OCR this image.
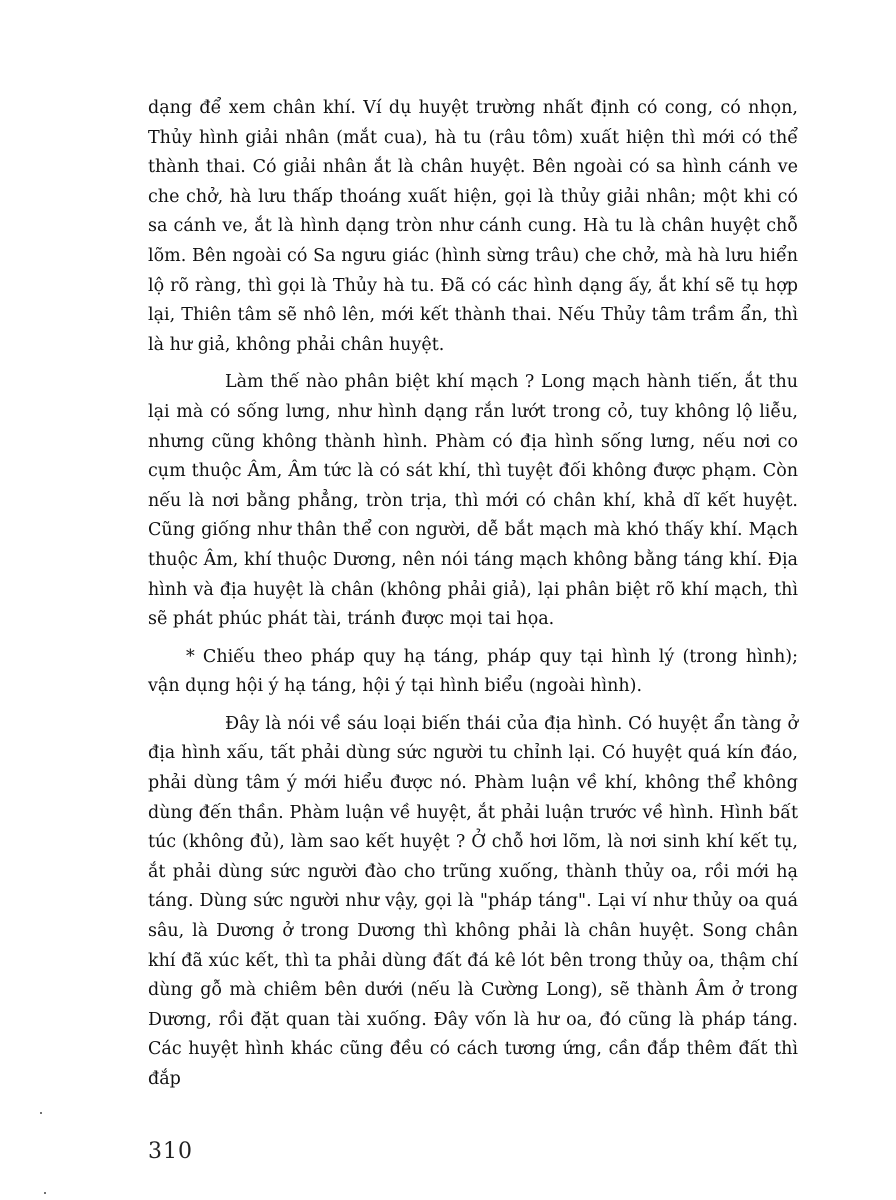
dạng để xem chân khí. Ví dụ huyệt trường nhất định có cong, có nhọn, Thủy hình giải nhân (mắt cua), hà tu (râu tôm) xuất hiện thì mới có thể thành thai. Có giải nhân ắt là chân huyệt. Bên ngoài có sa hình cánh ve che chở, hà lưu thấp thoáng xuất hiện, gọi là thủy giải nhân; một khi có sa cánh ve, ắt là hình dạng tròn như cánh cung. Hà tu là chân huyệt chỗ lõm. Bên ngoài có Sa ngưu giác (hình sừng trâu) che chở, mà hà lưu hiển lộ rõ ràng, thì gọi là Thủy hà tu. Đã có các hình dạng ấy, ắt khí sẽ tụ hợp lại, Thiên tâm sẽ nhô lên, mới kết thành thai. Nếu Thủy tâm trầm ẩn, thì là hư giả, không phải chân huyệt.

Làm thế nào phân biệt khí mạch ? Long mạch hành tiến, ắt thu lại mà có sống lưng, như hình dạng rắn lướt trong cỏ, tuy không lộ liễu, nhưng cũng không thành hình. Phàm có địa hình sống lưng, nếu nơi co cụm thuộc Âm, Âm tức là có sát khí, thì tuyệt đối không được phạm. Còn nếu là nơi bằng phẳng, tròn trịa, thì mới có chân khí, khả dĩ kết huyệt. Cũng giống như thân thể con người, dễ bắt mạch mà khó thấy khí. Mạch thuộc Âm, khí thuộc Dương, nên nói táng mạch không bằng táng khí. Địa hình và địa huyệt là chân (không phải giả), lại phân biệt rõ khí mạch, thì sẽ phát phúc phát tài, tránh được mọi tai họa.

* Chiếu theo pháp quy hạ táng, pháp quy tại hình lý (trong hình); vận dụng hội ý hạ táng, hội ý tại hình biểu (ngoài hình).

Đây là nói về sáu loại biến thái của địa hình. Có huyệt ẩn tàng ở địa hình xấu, tất phải dùng sức người tu chỉnh lại. Có huyệt quá kín đáo, phải dùng tâm ý mới hiểu được nó. Phàm luận về khí, không thể không dùng đến thần. Phàm luận về huyệt, ắt phải luận trước về hình. Hình bất túc (không đủ), làm sao kết huyệt ? Ở chỗ hơi lõm, là nơi sinh khí kết tụ, ắt phải dùng sức người đào cho trũng xuống, thành thủy oa, rồi mới hạ táng. Dùng sức người như vậy, gọi là "pháp táng". Lại ví như thủy oa quá sâu, là Dương ở trong Dương thì không phải là chân huyệt. Song chân khí đã xúc kết, thì ta phải dùng đất đá kê lót bên trong thủy oa, thậm chí dùng gỗ mà chiêm bên dưới (nếu là Cường Long), sẽ thành Âm ở trong Dương, rồi đặt quan tài xuống. Đây vốn là hư oa, đó cũng là pháp táng. Các huyệt hình khác cũng đều có cách tương ứng, cần đắp thêm đất thì đắp

310
